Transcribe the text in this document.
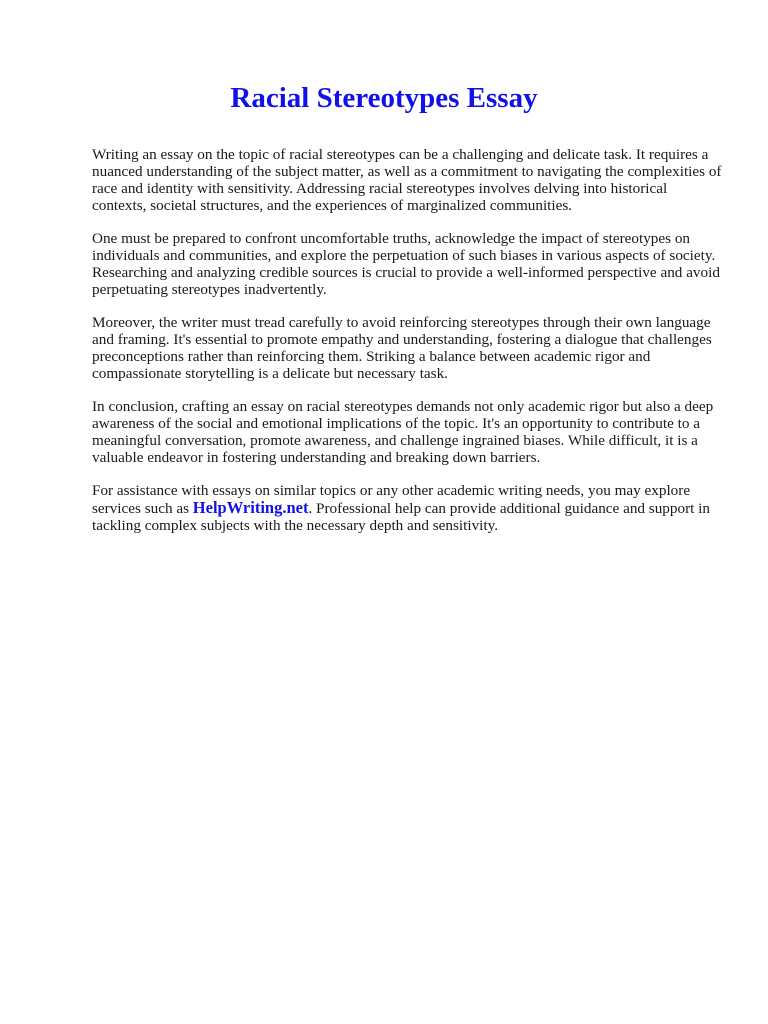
Racial Stereotypes Essay

Writing an essay on the topic of racial stereotypes can be a challenging and delicate task. It requires a nuanced understanding of the subject matter, as well as a commitment to navigating the complexities of race and identity with sensitivity. Addressing racial stereotypes involves delving into historical contexts, societal structures, and the experiences of marginalized communities.

One must be prepared to confront uncomfortable truths, acknowledge the impact of stereotypes on individuals and communities, and explore the perpetuation of such biases in various aspects of society. Researching and analyzing credible sources is crucial to provide a well-informed perspective and avoid perpetuating stereotypes inadvertently.

Moreover, the writer must tread carefully to avoid reinforcing stereotypes through their own language and framing. It's essential to promote empathy and understanding, fostering a dialogue that challenges preconceptions rather than reinforcing them. Striking a balance between academic rigor and compassionate storytelling is a delicate but necessary task.

In conclusion, crafting an essay on racial stereotypes demands not only academic rigor but also a deep awareness of the social and emotional implications of the topic. It's an opportunity to contribute to a meaningful conversation, promote awareness, and challenge ingrained biases. While difficult, it is a valuable endeavor in fostering understanding and breaking down barriers.

For assistance with essays on similar topics or any other academic writing needs, you may explore services such as HelpWriting.net. Professional help can provide additional guidance and support in tackling complex subjects with the necessary depth and sensitivity.
